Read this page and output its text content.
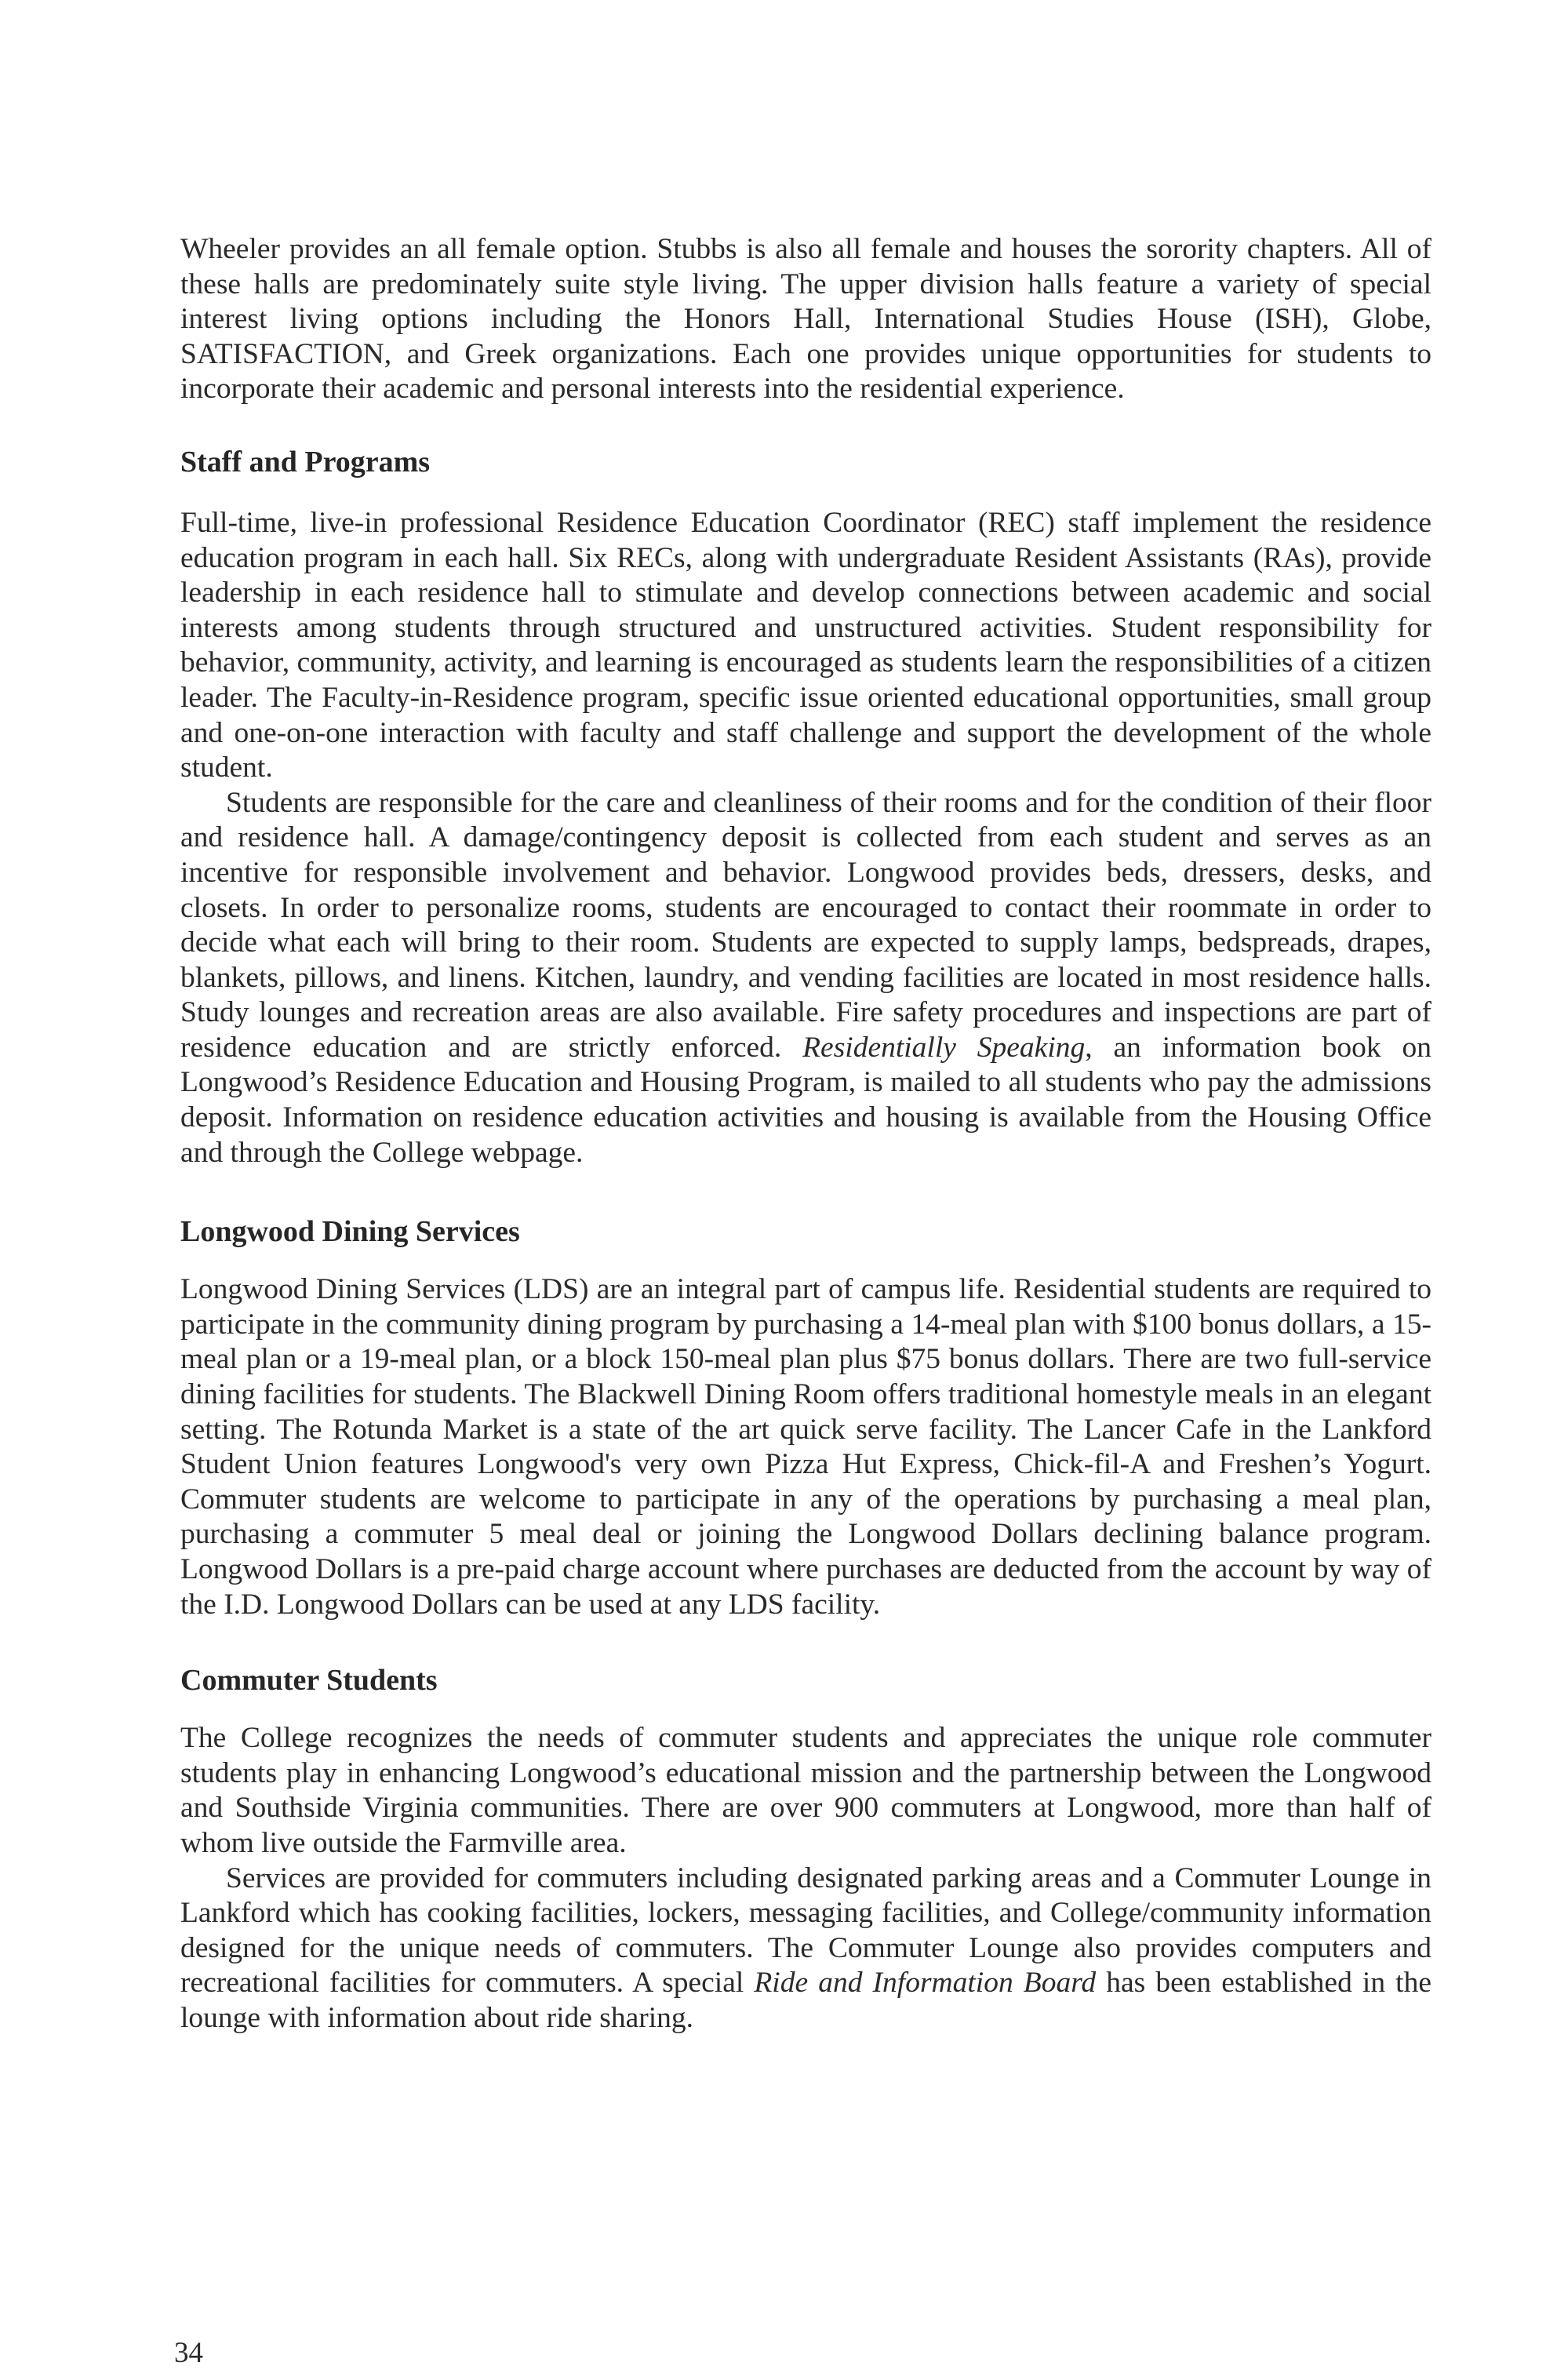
Wheeler provides an all female option. Stubbs is also all female and houses the sorority chapters. All of these halls are predominately suite style living. The upper division halls feature a variety of special interest living options including the Honors Hall, International Studies House (ISH), Globe, SATISFACTION, and Greek organizations. Each one provides unique opportunities for students to incorporate their academic and personal interests into the residential experience.

Staff and Programs

Full-time, live-in professional Residence Education Coordinator (REC) staff implement the residence education program in each hall. Six RECs, along with undergraduate Resident Assistants (RAs), provide leadership in each residence hall to stimulate and develop connections between academic and social interests among students through structured and unstructured activities. Student responsibility for behavior, community, activity, and learning is encouraged as students learn the responsibilities of a citizen leader. The Faculty-in-Residence program, specific issue oriented educational opportunities, small group and one-on-one interaction with faculty and staff challenge and support the development of the whole student.

Students are responsible for the care and cleanliness of their rooms and for the condition of their floor and residence hall. A damage/contingency deposit is collected from each student and serves as an incentive for responsible involvement and behavior. Longwood provides beds, dressers, desks, and closets. In order to personalize rooms, students are encouraged to contact their roommate in order to decide what each will bring to their room. Students are expected to supply lamps, bedspreads, drapes, blankets, pillows, and linens. Kitchen, laundry, and vending facilities are located in most residence halls. Study lounges and recreation areas are also available. Fire safety procedures and inspections are part of residence education and are strictly enforced. Residentially Speaking, an information book on Longwood’s Residence Education and Housing Program, is mailed to all students who pay the admissions deposit. Information on residence education activities and housing is available from the Housing Office and through the College webpage.

Longwood Dining Services

Longwood Dining Services (LDS) are an integral part of campus life. Residential students are required to participate in the community dining program by purchasing a 14-meal plan with $100 bonus dollars, a 15-meal plan or a 19-meal plan, or a block 150-meal plan plus $75 bonus dollars. There are two full-service dining facilities for students. The Blackwell Dining Room offers traditional homestyle meals in an elegant setting. The Rotunda Market is a state of the art quick serve facility. The Lancer Cafe in the Lankford Student Union features Longwood's very own Pizza Hut Express, Chick-fil-A and Freshen’s Yogurt. Commuter students are welcome to participate in any of the operations by purchasing a meal plan, purchasing a commuter 5 meal deal or joining the Longwood Dollars declining balance program. Longwood Dollars is a pre-paid charge account where purchases are deducted from the account by way of the I.D. Longwood Dollars can be used at any LDS facility.

Commuter Students

The College recognizes the needs of commuter students and appreciates the unique role commuter students play in enhancing Longwood’s educational mission and the partnership between the Longwood and Southside Virginia communities. There are over 900 commuters at Longwood, more than half of whom live outside the Farmville area.

Services are provided for commuters including designated parking areas and a Commuter Lounge in Lankford which has cooking facilities, lockers, messaging facilities, and College/community information designed for the unique needs of commuters. The Commuter Lounge also provides computers and recreational facilities for commuters. A special Ride and Information Board has been established in the lounge with information about ride sharing.

34
